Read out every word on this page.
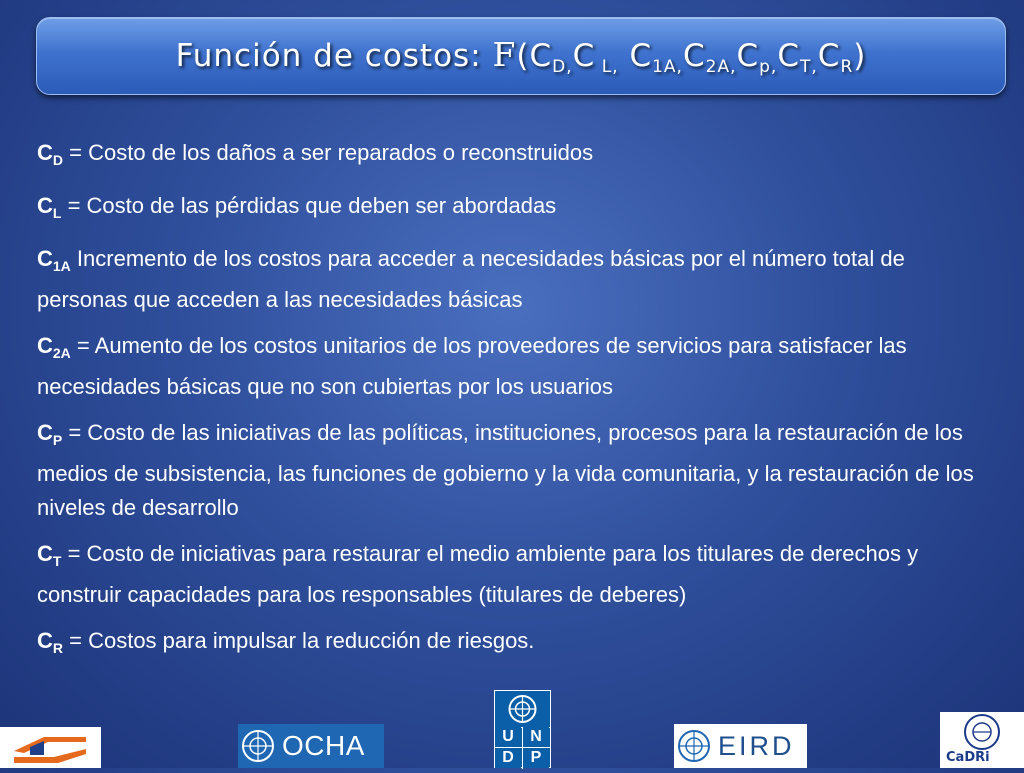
Función de costos: $F(C_{D,}C$ $_{L,}$ $C_{1A,}C_{2A,}C_{p,}C_{T,}C_R$)

$C_D$ = Costo de los daños a ser reparados o reconstruidos

$C_L$ = Costo de las pérdidas que deben ser abordadas

$C_{1A}$ Incremento de los costos para acceder a necesidades básicas por el número total de personas que acceden a las necesidades básicas

$C_{2A}$ = Aumento de los costos unitarios de los proveedores de servicios para satisfacer las necesidades básicas que no son cubiertas por los usuarios

$C_P$ = Costo de las iniciativas de las políticas, instituciones, procesos para la restauración de los medios de subsistencia, las funciones de gobierno y la vida comunitaria, y la restauración de los niveles de desarrollo

$C_T$ = Costo de iniciativas para restaurar el medio ambiente para los titulares de derechos y construir capacidades para los responsables (titulares de deberes)

$C_R$ = Costos para impulsar la reducción de riesgos.

OCHA	U	N
D	P	EIRD	CaDRi
